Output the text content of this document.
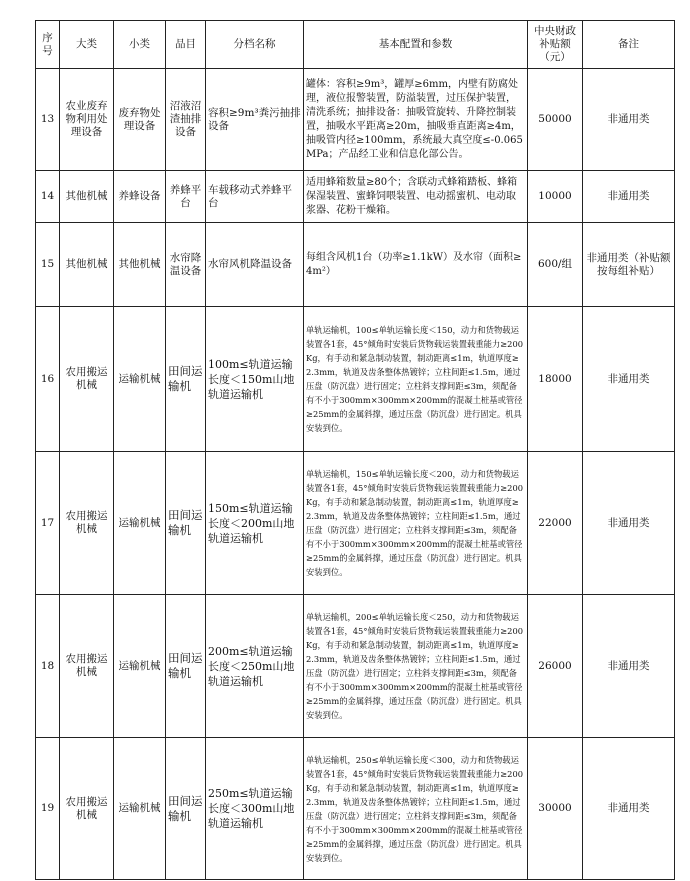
序号	大类	小类	品目	分档名称	基本配置和参数	中央财政补贴额（元）	备注
13	农业废弃物利用处理设备	废弃物处理设备	沼液沼渣抽排设备	容积≥9m³粪污抽排设备	罐体：容积≥9m³，罐厚≥6mm，内壁有防腐处理，液位报警装置，防溢装置，过压保护装置，清洗系统；抽排设备：抽吸管旋转、升降控制装置，抽吸水平距离≥20m，抽吸垂直距离≥4m，抽吸管内径≥100mm，系统最大真空度≤-0.065MPa；产品经工业和信息化部公告。	50000	非通用类
14	其他机械	养蜂设备	养蜂平台	车载移动式养蜂平台	适用蜂箱数量≥80个；含联动式蜂箱踏板、蜂箱保湿装置、蜜蜂饲喂装置、电动摇蜜机、电动取浆器、花粉干燥箱。	10000	非通用类
15	其他机械	其他机械	水帘降温设备	水帘风机降温设备	每组含风机1台（功率≥1.1kW）及水帘（面积≥4m²）	600/组	非通用类（补贴额按每组补贴）
16	农用搬运机械	运输机械	田间运输机	100m≤轨道运输长度＜150m山地轨道运输机	单轨运输机，100≤单轨运输长度＜150，动力和货物载运装置各1套，45°倾角时安装后货物载运装置载重能力≥200Kg，有手动和紧急制动装置，制动距离≤1m，轨道厚度≥2.3mm，轨道及齿条整体热镀锌；立柱间距≤1.5m，通过压盘（防沉盘）进行固定；立柱斜支撑间距≤3m，须配备有不小于300mm×300mm×200mm的混凝土桩基或管径≥25mm的金属斜撑，通过压盘（防沉盘）进行固定。机具安装到位。	18000	非通用类
17	农用搬运机械	运输机械	田间运输机	150m≤轨道运输长度＜200m山地轨道运输机	单轨运输机，150≤单轨运输长度＜200，动力和货物载运装置各1套，45°倾角时安装后货物载运装置载重能力≥200Kg，有手动和紧急制动装置，制动距离≤1m，轨道厚度≥2.3mm，轨道及齿条整体热镀锌；立柱间距≤1.5m，通过压盘（防沉盘）进行固定；立柱斜支撑间距≤3m，须配备有不小于300mm×300mm×200mm的混凝土桩基或管径≥25mm的金属斜撑，通过压盘（防沉盘）进行固定。机具安装到位。	22000	非通用类
18	农用搬运机械	运输机械	田间运输机	200m≤轨道运输长度＜250m山地轨道运输机	单轨运输机，200≤单轨运输长度＜250，动力和货物载运装置各1套，45°倾角时安装后货物载运装置载重能力≥200Kg，有手动和紧急制动装置，制动距离≤1m，轨道厚度≥2.3mm，轨道及齿条整体热镀锌；立柱间距≤1.5m，通过压盘（防沉盘）进行固定；立柱斜支撑间距≤3m，须配备有不小于300mm×300mm×200mm的混凝土桩基或管径≥25mm的金属斜撑，通过压盘（防沉盘）进行固定。机具安装到位。	26000	非通用类
19	农用搬运机械	运输机械	田间运输机	250m≤轨道运输长度＜300m山地轨道运输机	单轨运输机，250≤单轨运输长度＜300，动力和货物载运装置各1套，45°倾角时安装后货物载运装置载重能力≥200Kg，有手动和紧急制动装置，制动距离≤1m，轨道厚度≥2.3mm，轨道及齿条整体热镀锌；立柱间距≤1.5m，通过压盘（防沉盘）进行固定；立柱斜支撑间距≤3m，须配备有不小于300mm×300mm×200mm的混凝土桩基或管径≥25mm的金属斜撑，通过压盘（防沉盘）进行固定。机具安装到位。	30000	非通用类
